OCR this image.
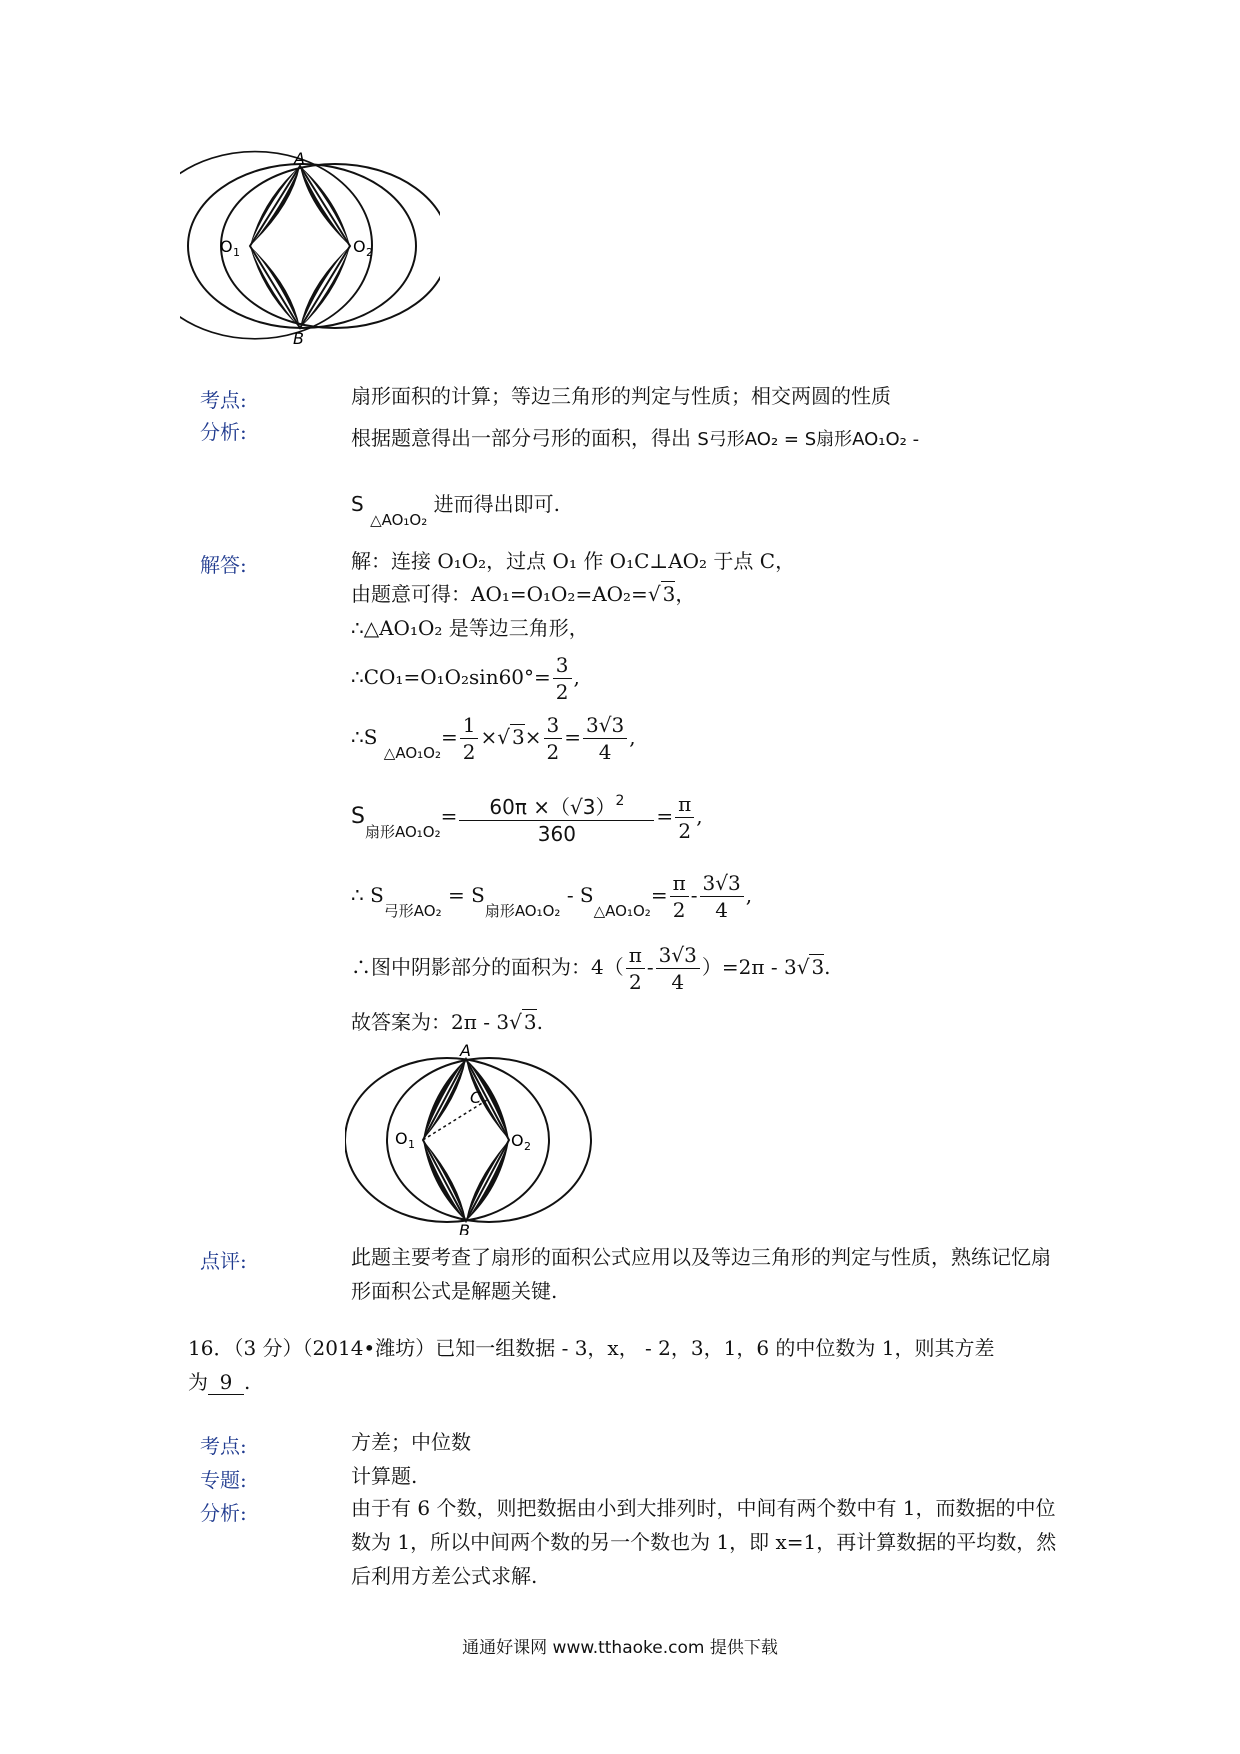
A
B
O 1	O 2
考点:	扇形面积的计算；等边三角形的判定与性质；相交两圆的性质
分析:	根据题意得出一部分弓形的面积，得出 S弓形AO₂ = S扇形AO₁O₂ -
S $_{\triangle AO_1O_2}$ 进而得出即可.
解答:	解：连接 O₁O₂，过点 O₁ 作 O₁C⊥AO₂ 于点 C，
由题意可得：AO₁=O₁O₂=AO₂=√ 3，
∴△AO₁O₂ 是等边三角形，
∴CO₁=O₁O₂sin60°= $\frac{3}{2}$ ,
∴S $_{\triangle AO_1O_2}= \frac{1}{2}$ ×√ $3\times \frac{3}{2} = \frac{3√3}{4}$ ,
$S_{扇形AO_1O_2}= \frac{60\pi \times(√3)^2}{360} = \frac{\pi}{2}$ ,
∴ $S_{弓形AO_2} = S_{扇形AO_1O_2} - S_{\triangle AO_1O_2}= \frac{\pi}{2} - \frac{3√3}{4}$ ,
∴图中阴影部分的面积为：$4( \frac{\pi}{2} - \frac{3√3}{4} )=2\pi - 3√$ 3.
故答案为：2π - 3√ 3.
A
B
C
O 1	O 2
点评:	此题主要考查了扇形的面积公式应用以及等边三角形的判定与性质，熟练记忆扇形面积公式是解题关键.
16．（3 分）（2014•潍坊）已知一组数据 - 3，x， - 2，3，1，6 的中位数为 1，则其方差
为 9 .
考点:	方差；中位数
专题:	计算题.
分析:	由于有 6 个数，则把数据由小到大排列时，中间有两个数中有 1，而数据的中位数为 1，所以中间两个数的另一个数也为 1，即 x=1，再计算数据的平均数，然后利用方差公式求解.
通通好课网 www.tthaoke.com 提供下载
